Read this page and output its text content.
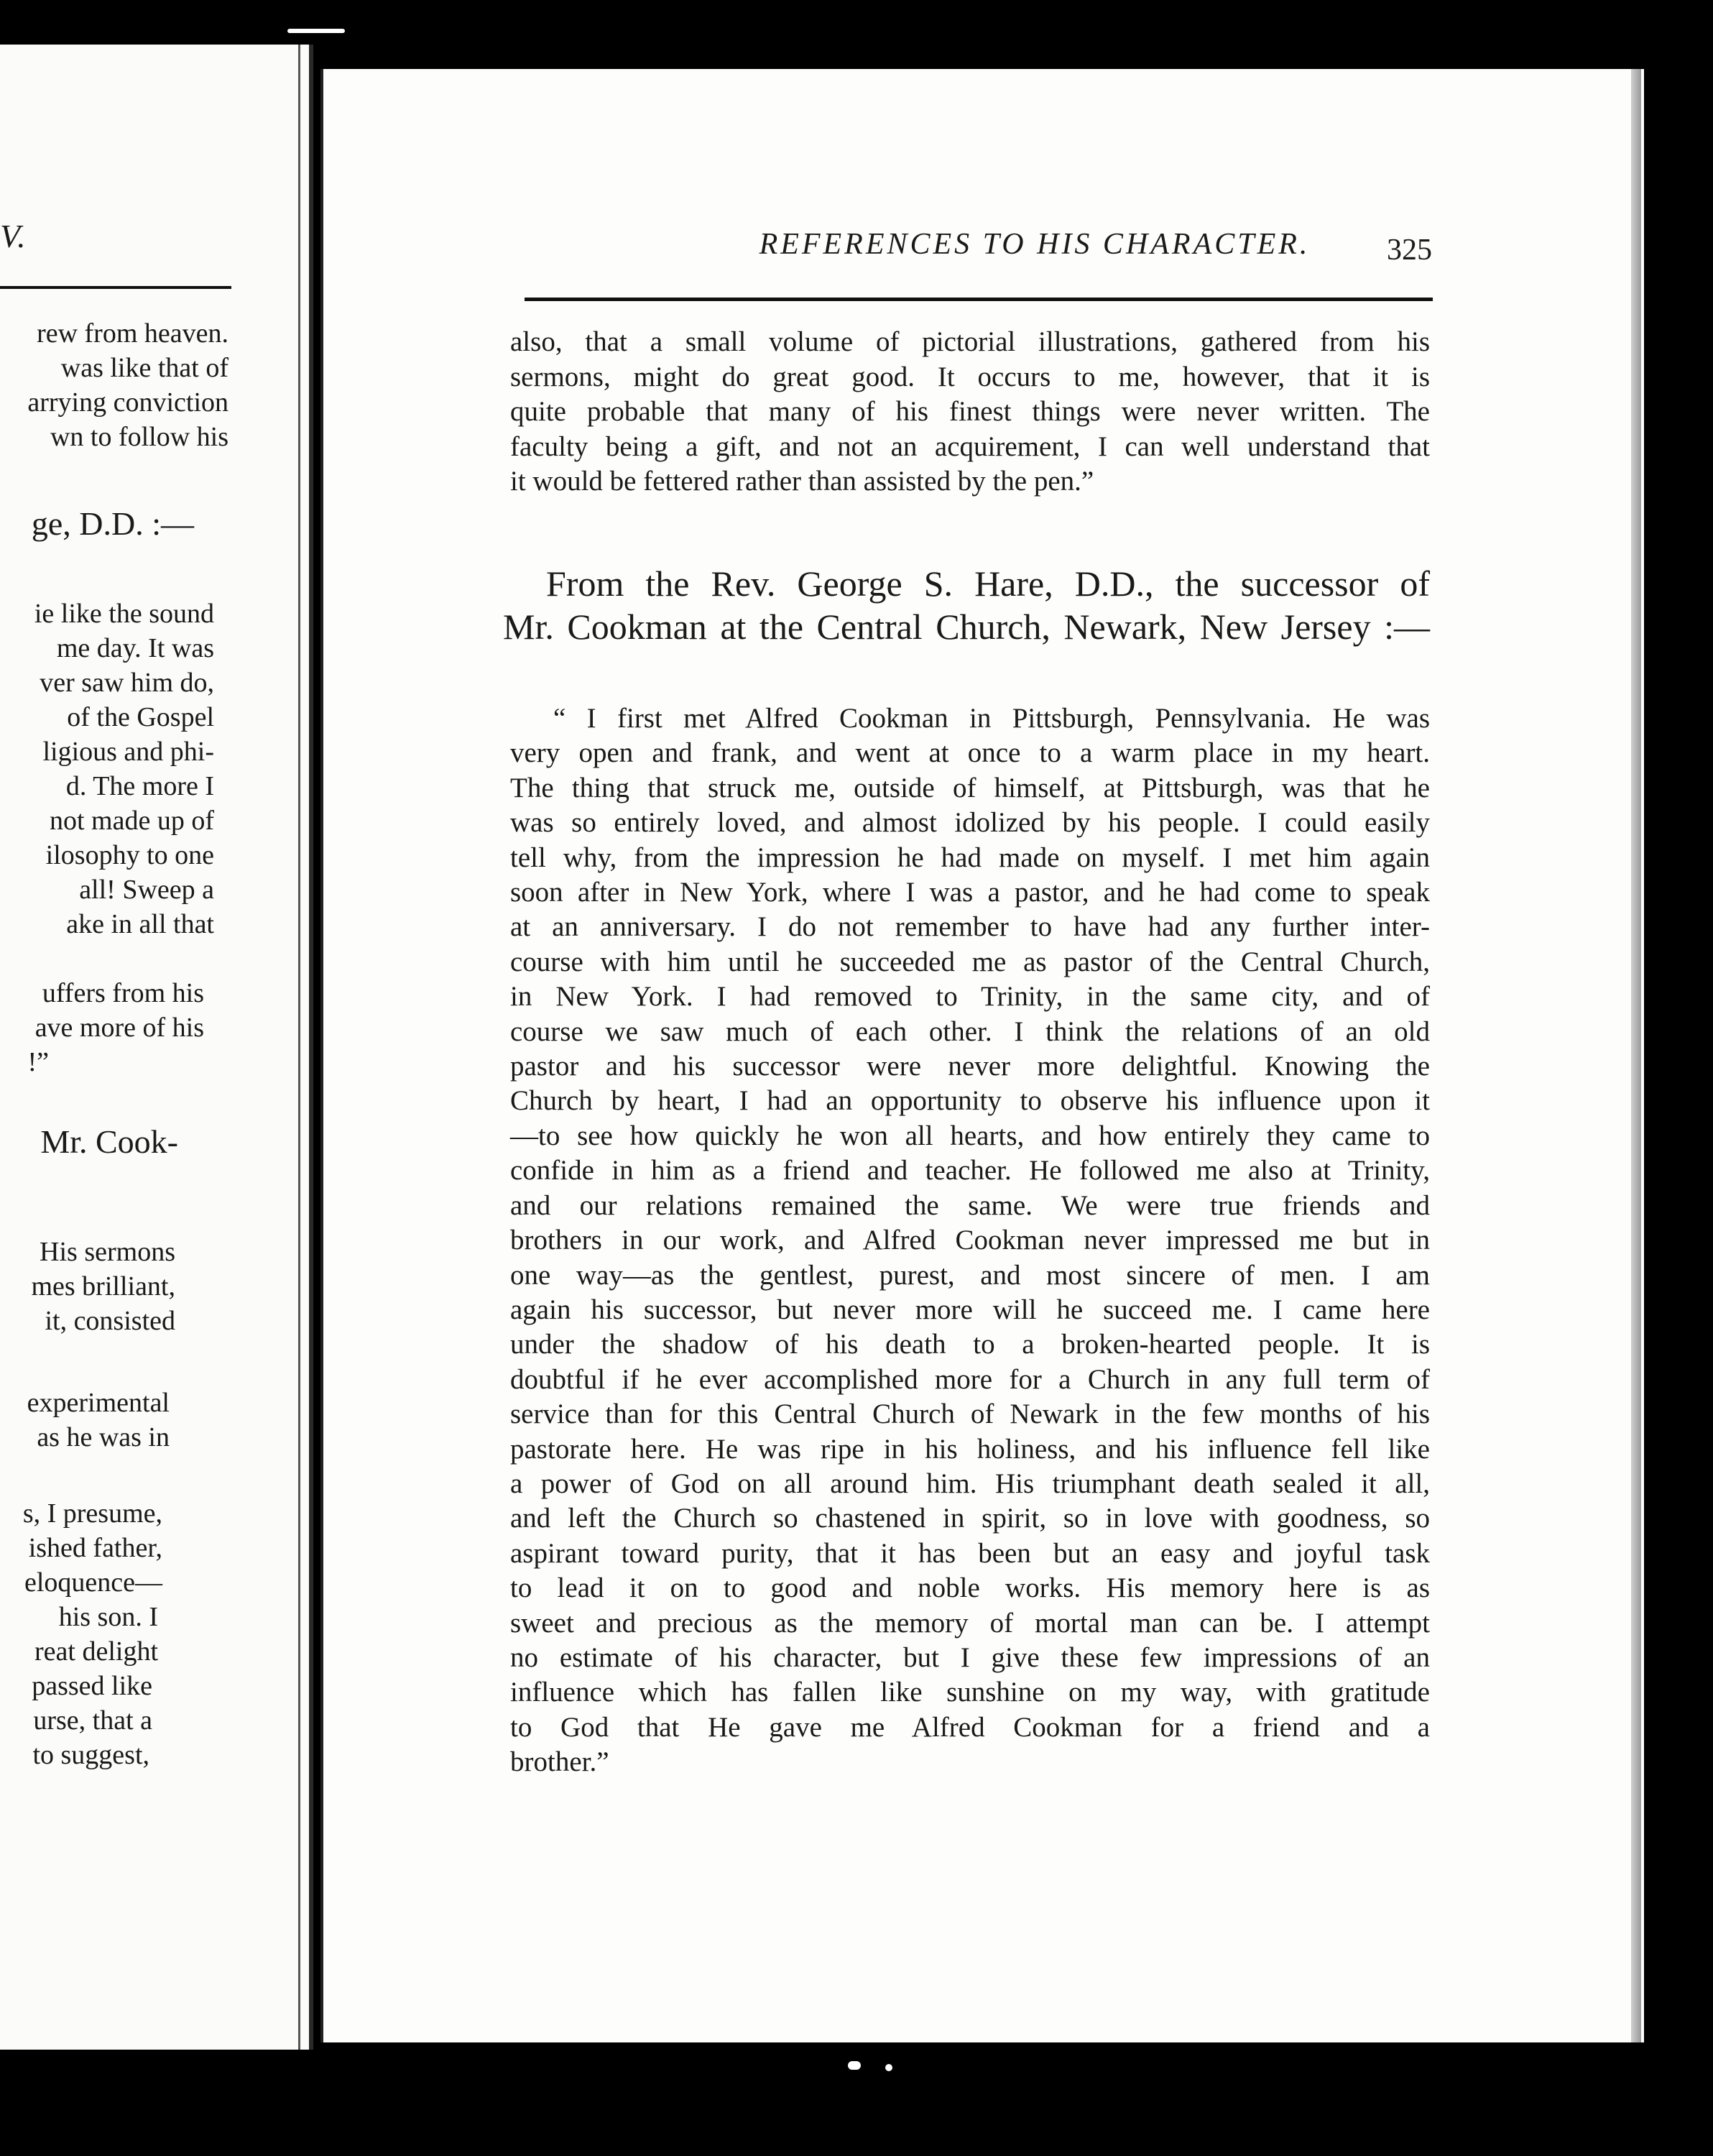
V.
rew from heaven.
was like that of
arrying conviction
wn to follow his
ge, D.D. :—
ie like the sound
me day. It was
ver saw him do,
of the Gospel
ligious and phi-
d. The more I
not made up of
ilosophy to one
all! Sweep a
ake in all that
uffers from his
ave more of his
!”
Mr. Cook-
His sermons
mes brilliant,
it, consisted
experimental
as he was in
s, I presume,
ished father,
eloquence—
his son. I
reat delight
passed like
urse, that a
to suggest,
REFERENCES TO HIS CHARACTER.	325
also, that a small volume of pictorial illustrations, gathered from his
sermons, might do great good. It occurs to me, however, that it is
quite probable that many of his finest things were never written. The
faculty being a gift, and not an acquirement, I can well understand that
it would be fettered rather than assisted by the pen.”
From the Rev. George S. Hare, D.D., the successor of
Mr. Cookman at the Central Church, Newark, New Jersey :—
“ I first met Alfred Cookman in Pittsburgh, Pennsylvania. He was
very open and frank, and went at once to a warm place in my heart.
The thing that struck me, outside of himself, at Pittsburgh, was that he
was so entirely loved, and almost idolized by his people. I could easily
tell why, from the impression he had made on myself. I met him again
soon after in New York, where I was a pastor, and he had come to speak
at an anniversary. I do not remember to have had any further inter-
course with him until he succeeded me as pastor of the Central Church,
in New York. I had removed to Trinity, in the same city, and of
course we saw much of each other. I think the relations of an old
pastor and his successor were never more delightful. Knowing the
Church by heart, I had an opportunity to observe his influence upon it
—to see how quickly he won all hearts, and how entirely they came to
confide in him as a friend and teacher. He followed me also at Trinity,
and our relations remained the same. We were true friends and
brothers in our work, and Alfred Cookman never impressed me but in
one way—as the gentlest, purest, and most sincere of men. I am
again his successor, but never more will he succeed me. I came here
under the shadow of his death to a broken-hearted people. It is
doubtful if he ever accomplished more for a Church in any full term of
service than for this Central Church of Newark in the few months of his
pastorate here. He was ripe in his holiness, and his influence fell like
a power of God on all around him. His triumphant death sealed it all,
and left the Church so chastened in spirit, so in love with goodness, so
aspirant toward purity, that it has been but an easy and joyful task
to lead it on to good and noble works. His memory here is as
sweet and precious as the memory of mortal man can be. I attempt
no estimate of his character, but I give these few impressions of an
influence which has fallen like sunshine on my way, with gratitude
to God that He gave me Alfred Cookman for a friend and a
brother.”
